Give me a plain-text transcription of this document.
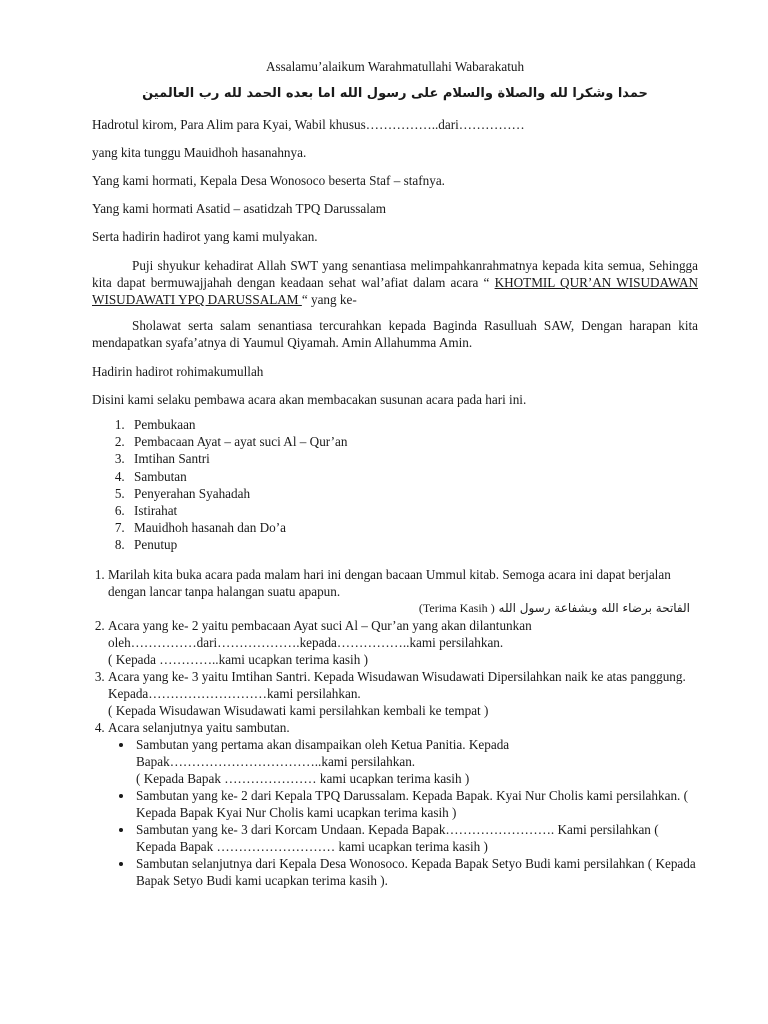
Assalamu’alaikum Warahmatullahi Wabarakatuh

حمدا وشكرا لله والصلاة والسلام على رسول الله اما بعده الحمد لله رب العالمين

Hadrotul kirom, Para Alim para Kyai, Wabil khusus……………..dari……………

yang kita tunggu Mauidhoh hasanahnya.

Yang kami hormati, Kepala Desa Wonosoco beserta Staf – stafnya.

Yang kami hormati Asatid – asatidzah TPQ Darussalam

Serta hadirin hadirot yang kami mulyakan.

Puji shyukur kehadirat Allah SWT yang senantiasa melimpahkanrahmatnya kepada kita semua, Sehingga kita dapat bermuwajjahah dengan keadaan sehat wal’afiat dalam acara “ KHOTMIL QUR’AN WISUDAWAN WISUDAWATI YPQ DARUSSALAM “ yang ke-

Sholawat serta salam senantiasa tercurahkan kepada Baginda Rasulluah SAW, Dengan harapan kita mendapatkan syafa’atnya di Yaumul Qiyamah. Amin Allahumma Amin.

Hadirin hadirot rohimakumullah

Disini kami selaku pembawa acara akan membacakan susunan acara pada hari ini.

1. Pembukaan
2. Pembacaan Ayat – ayat suci Al – Qur’an
3. Imtihan Santri
4. Sambutan
5. Penyerahan Syahadah
6. Istirahat
7. Mauidhoh hasanah dan Do’a
8. Penutup

1. Marilah kita buka acara pada malam hari ini dengan bacaan Ummul kitab. Semoga acara ini dapat berjalan dengan lancar tanpa halangan suatu apapun.

الفاتحة برضاء الله وبشفاعة رسول الله ( Terima Kasih)

2. Acara yang ke- 2 yaitu pembacaan Ayat suci Al – Qur’an yang akan dilantunkan

oleh……………dari……………….kepada……………..kami persilahkan.

( Kepada …………..kami ucapkan terima kasih )

3. Acara yang ke- 3 yaitu Imtihan Santri. Kepada Wisudawan Wisudawati Dipersilahkan naik ke atas panggung. Kepada………………………kami persilahkan.

( Kepada Wisudawan Wisudawati kami persilahkan kembali ke tempat )

4. Acara selanjutnya yaitu sambutan.

• Sambutan yang pertama akan disampaikan oleh Ketua Panitia. Kepada Bapak……………………………..kami persilahkan.

( Kepada Bapak ………………… kami ucapkan terima kasih )

• Sambutan yang ke- 2 dari Kepala TPQ Darussalam. Kepada Bapak. Kyai Nur Cholis kami persilahkan. ( Kepada Bapak Kyai Nur Cholis kami ucapkan terima kasih )

• Sambutan yang ke- 3 dari Korcam Undaan. Kepada Bapak……………………. Kami persilahkan ( Kepada Bapak ……………………… kami ucapkan terima kasih )

• Sambutan selanjutnya dari Kepala Desa Wonosoco. Kepada Bapak Setyo Budi kami persilahkan ( Kepada Bapak Setyo Budi kami ucapkan terima kasih ).
